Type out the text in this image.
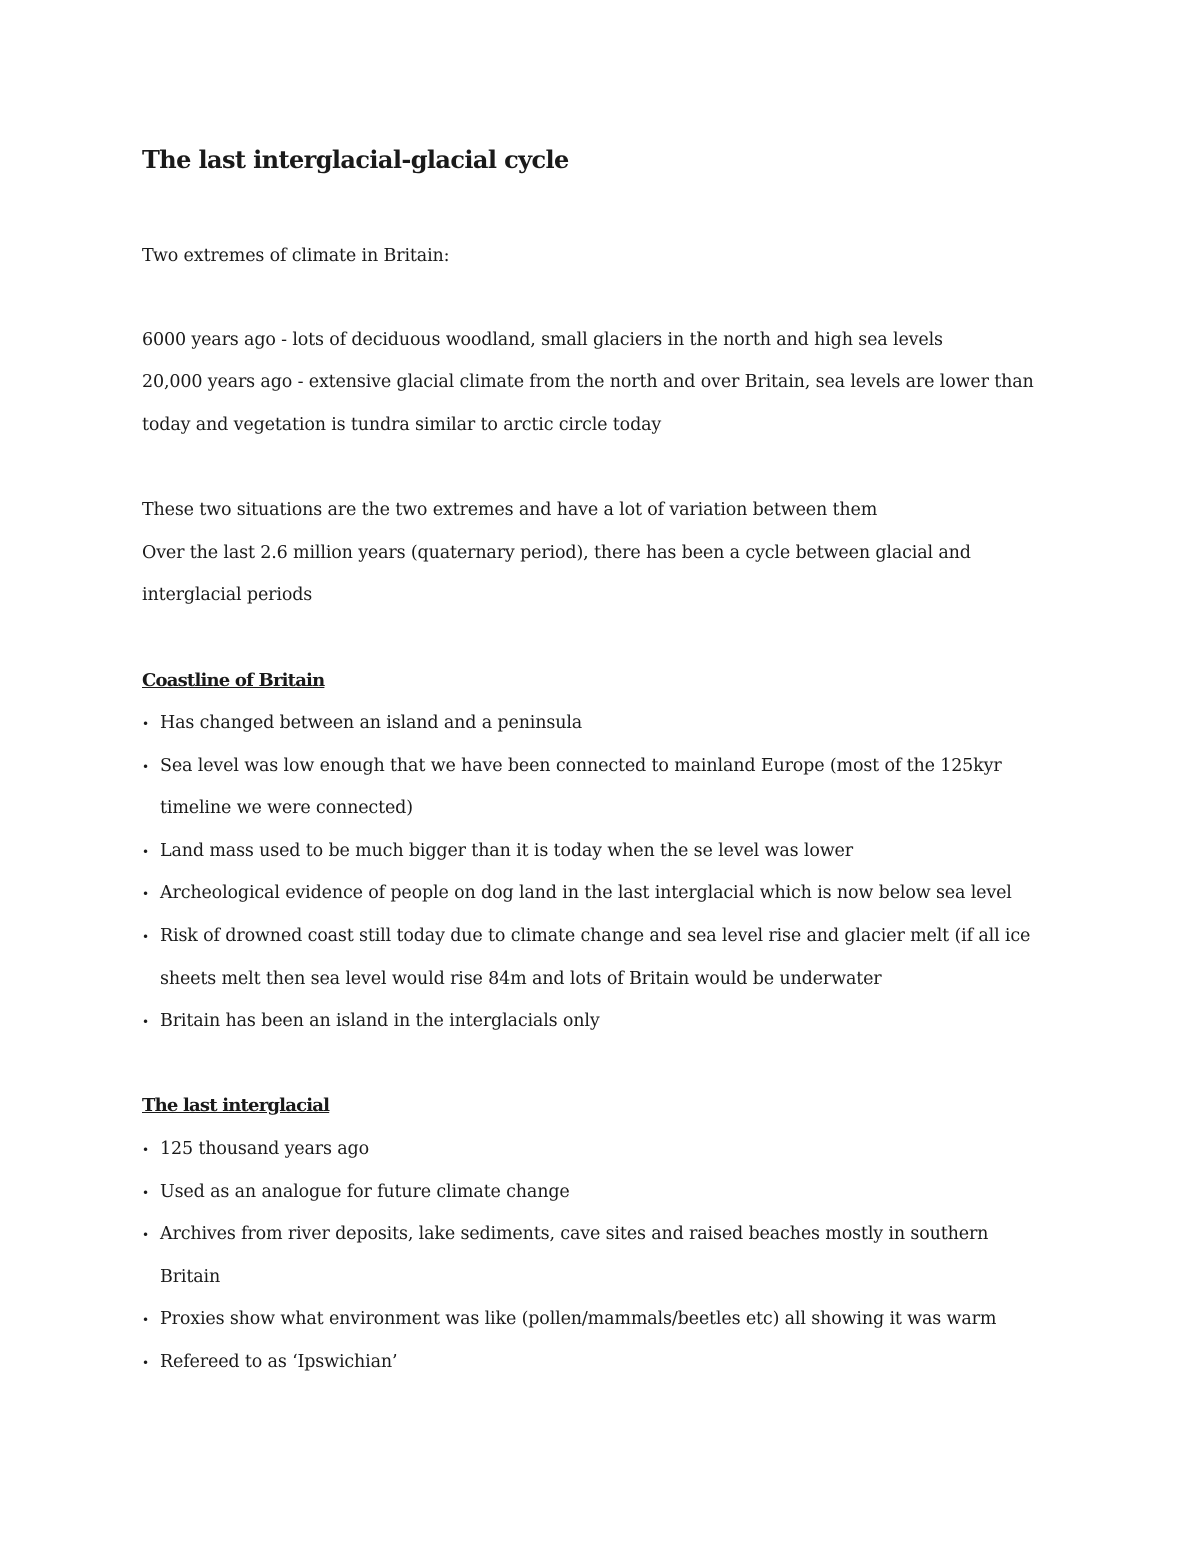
The last interglacial-glacial cycle
Two extremes of climate in Britain:
6000 years ago - lots of deciduous woodland, small glaciers in the north and high sea levels
20,000 years ago - extensive glacial climate from the north and over Britain, sea levels are lower than
today and vegetation is tundra similar to arctic circle today
These two situations are the two extremes and have a lot of variation between them
Over the last 2.6 million years (quaternary period), there has been a cycle between glacial and
interglacial periods
Coastline of Britain
• Has changed between an island and a peninsula
• Sea level was low enough that we have been connected to mainland Europe (most of the 125kyr
timeline we were connected)
• Land mass used to be much bigger than it is today when the se level was lower
• Archeological evidence of people on dog land in the last interglacial which is now below sea level
• Risk of drowned coast still today due to climate change and sea level rise and glacier melt (if all ice
sheets melt then sea level would rise 84m and lots of Britain would be underwater
• Britain has been an island in the interglacials only
The last interglacial
• 125 thousand years ago
• Used as an analogue for future climate change
• Archives from river deposits, lake sediments, cave sites and raised beaches mostly in southern
Britain
• Proxies show what environment was like (pollen/mammals/beetles etc) all showing it was warm
• Refereed to as ‘Ipswichian’
